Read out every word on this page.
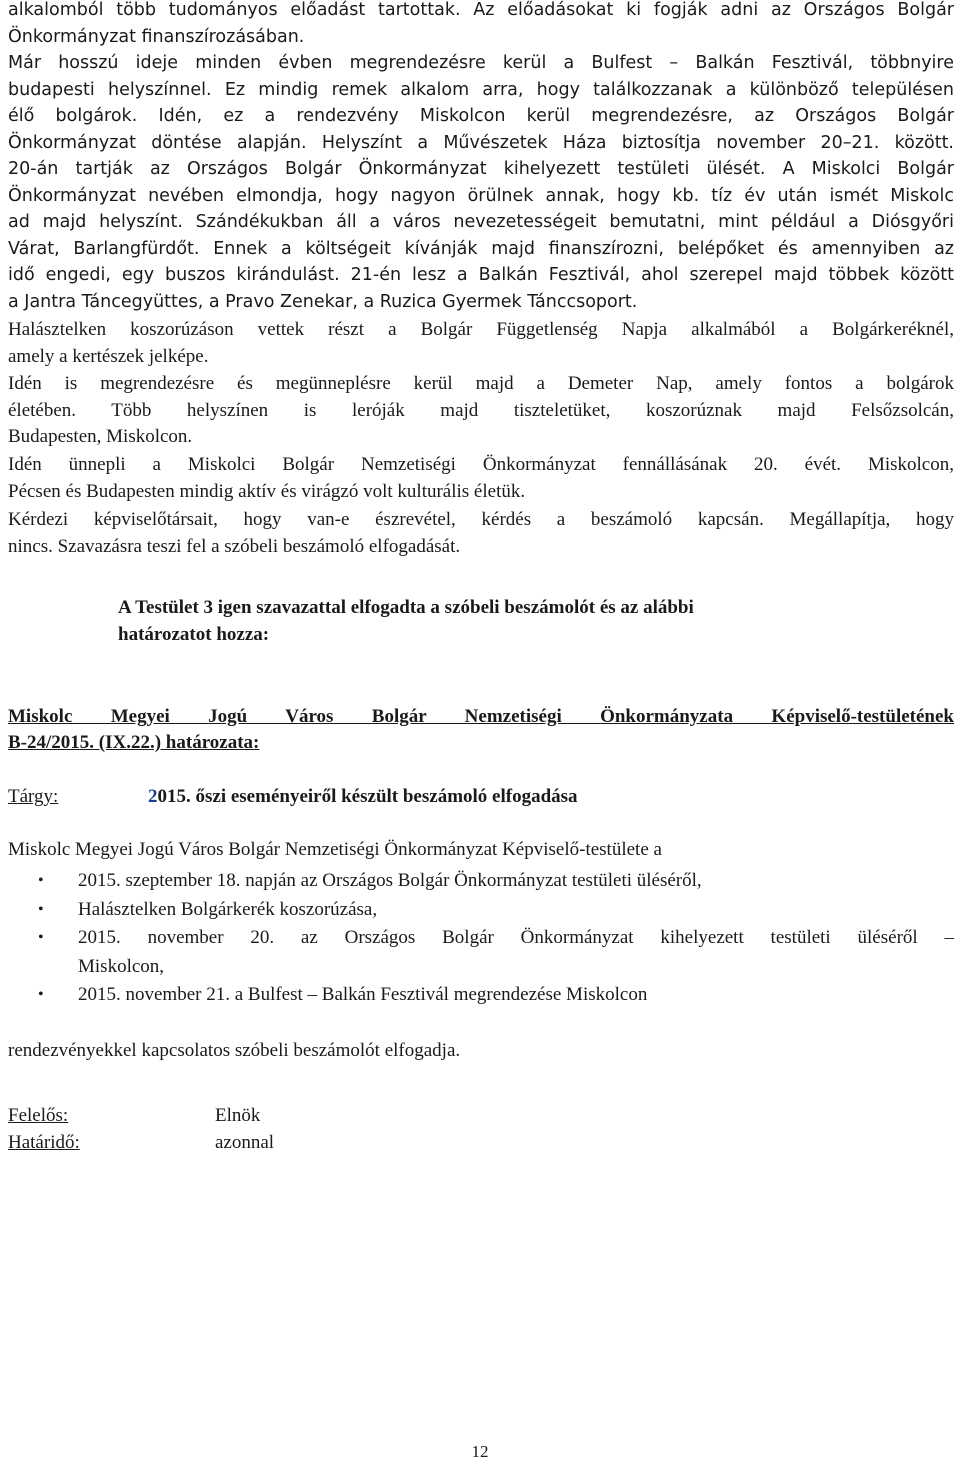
alkalomból több tudományos előadást tartottak. Az előadásokat ki fogják adni az Országos Bolgár
Önkormányzat finanszírozásában.

Már hosszú ideje minden évben megrendezésre kerül a Bulfest – Balkán Fesztivál, többnyire
budapesti helyszínnel. Ez mindig remek alkalom arra, hogy találkozzanak a különböző településen
élő bolgárok. Idén, ez a rendezvény Miskolcon kerül megrendezésre, az Országos Bolgár
Önkormányzat döntése alapján. Helyszínt a Művészetek Háza biztosítja november 20–21. között.
20-án tartják az Országos Bolgár Önkormányzat kihelyezett testületi ülését. A Miskolci Bolgár
Önkormányzat nevében elmondja, hogy nagyon örülnek annak, hogy kb. tíz év után ismét Miskolc
ad majd helyszínt. Szándékukban áll a város nevezetességeit bemutatni, mint például a Diósgyőri
Várat, Barlangfürdőt. Ennek a költségeit kívánják majd finanszírozni, belépőket és amennyiben az
idő engedi, egy buszos kirándulást. 21-én lesz a Balkán Fesztivál, ahol szerepel majd többek között
a Jantra Táncegyüttes, a Pravo Zenekar, a Ruzica Gyermek Tánccsoport.

Halásztelken koszorúzáson vettek részt a Bolgár Függetlenség Napja alkalmából a Bolgárkeréknél,
amely a kertészek jelképe.

Idén is megrendezésre és megünneplésre kerül majd a Demeter Nap, amely fontos a bolgárok
életében. Több helyszínen is leróják majd tiszteletüket, koszorúznak majd Felsőzsolcán,
Budapesten, Miskolcon.

Idén ünnepli a Miskolci Bolgár Nemzetiségi Önkormányzat fennállásának 20. évét. Miskolcon,
Pécsen és Budapesten mindig aktív és virágzó volt kulturális életük.

Kérdezi képviselőtársait, hogy van-e észrevétel, kérdés a beszámoló kapcsán. Megállapítja, hogy
nincs. Szavazásra teszi fel a szóbeli beszámoló elfogadását.

A Testület 3 igen szavazattal elfogadta a szóbeli beszámolót és az alábbi
határozatot hozza:

Miskolc Megyei Jogú Város Bolgár Nemzetiségi Önkormányzata Képviselő-testületének
B-24/2015. (IX.22.) határozata:

Tárgy:	2015. őszi eseményeiről készült beszámoló elfogadása

Miskolc Megyei Jogú Város Bolgár Nemzetiségi Önkormányzat Képviselő-testülete a

• 2015. szeptember 18. napján az Országos Bolgár Önkormányzat testületi üléséről,
• Halásztelken Bolgárkerék koszorúzása,
• 2015. november 20. az Országos Bolgár Önkormányzat kihelyezett testületi üléséről –
Miskolcon,
• 2015. november 21. a Bulfest – Balkán Fesztivál megrendezése Miskolcon

rendezvényekkel kapcsolatos szóbeli beszámolót elfogadja.

Felelős:	Elnök
Határidő:	azonnal
12
